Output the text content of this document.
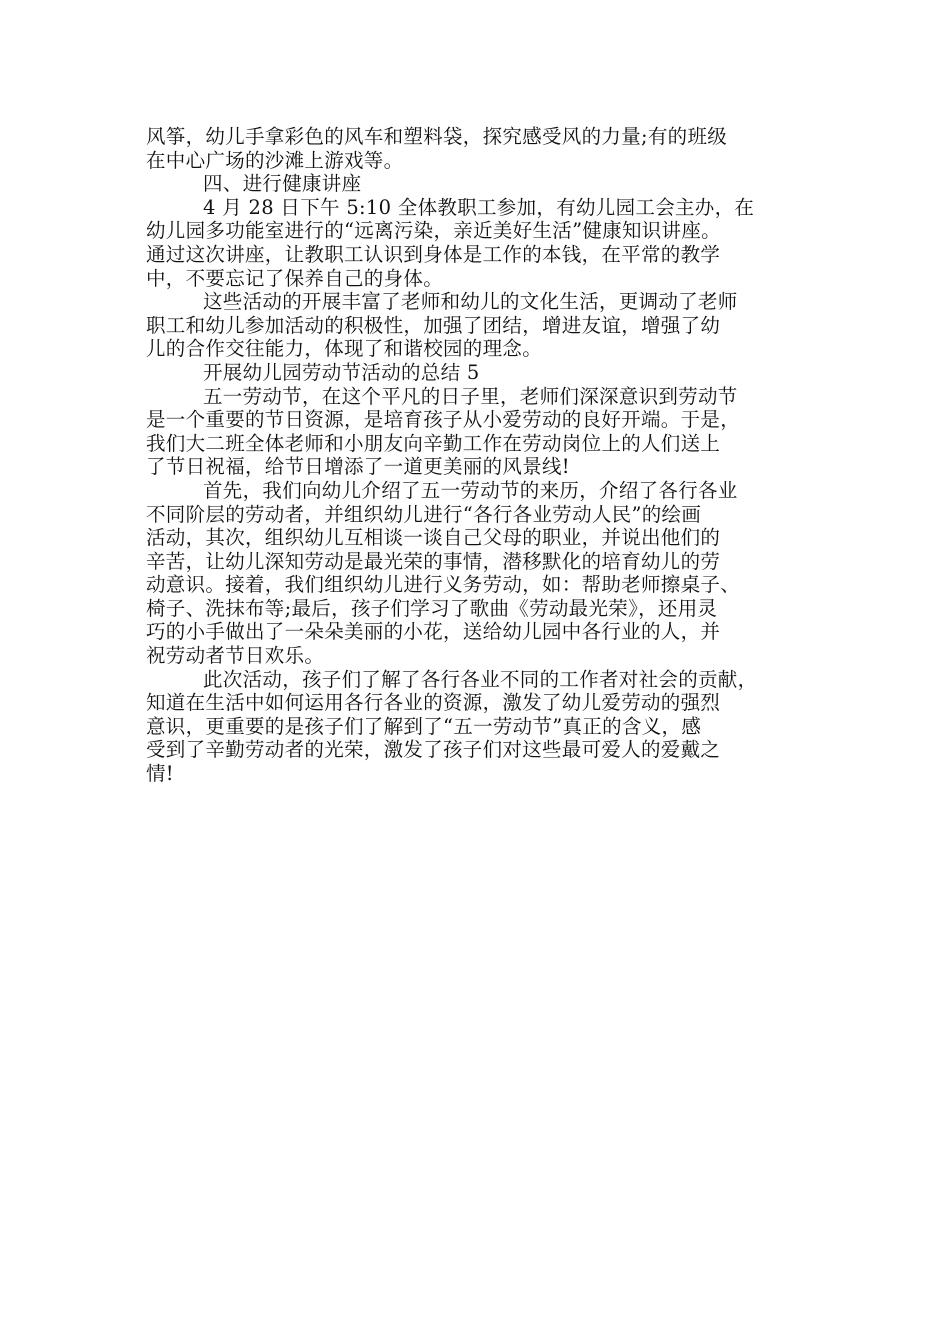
风筝，幼儿手拿彩色的风车和塑料袋，探究感受风的力量;有的班级
在中心广场的沙滩上游戏等。
四、进行健康讲座
4 月 28 日下午 5:10 全体教职工参加，有幼儿园工会主办，在
幼儿园多功能室进行的“远离污染，亲近美好生活”健康知识讲座。
通过这次讲座，让教职工认识到身体是工作的本钱，在平常的教学
中，不要忘记了保养自己的身体。
这些活动的开展丰富了老师和幼儿的文化生活，更调动了老师
职工和幼儿参加活动的积极性，加强了团结，增进友谊，增强了幼
儿的合作交往能力，体现了和谐校园的理念。
开展幼儿园劳动节活动的总结 5
五一劳动节，在这个平凡的日子里，老师们深深意识到劳动节
是一个重要的节日资源，是培育孩子从小爱劳动的良好开端。于是，
我们大二班全体老师和小朋友向辛勤工作在劳动岗位上的人们送上
了节日祝福，给节日增添了一道更美丽的风景线!
首先，我们向幼儿介绍了五一劳动节的来历，介绍了各行各业
不同阶层的劳动者，并组织幼儿进行“各行各业劳动人民”的绘画
活动，其次，组织幼儿互相谈一谈自己父母的职业，并说出他们的
辛苦，让幼儿深知劳动是最光荣的事情，潜移默化的培育幼儿的劳
动意识。接着，我们组织幼儿进行义务劳动，如：帮助老师擦桌子、
椅子、洗抹布等;最后，孩子们学习了歌曲《劳动最光荣》，还用灵
巧的小手做出了一朵朵美丽的小花，送给幼儿园中各行业的人，并
祝劳动者节日欢乐。
此次活动，孩子们了解了各行各业不同的工作者对社会的贡献，
知道在生活中如何运用各行各业的资源，激发了幼儿爱劳动的强烈
意识，更重要的是孩子们了解到了“五一劳动节”真正的含义，感
受到了辛勤劳动者的光荣，激发了孩子们对这些最可爱人的爱戴之
情!
